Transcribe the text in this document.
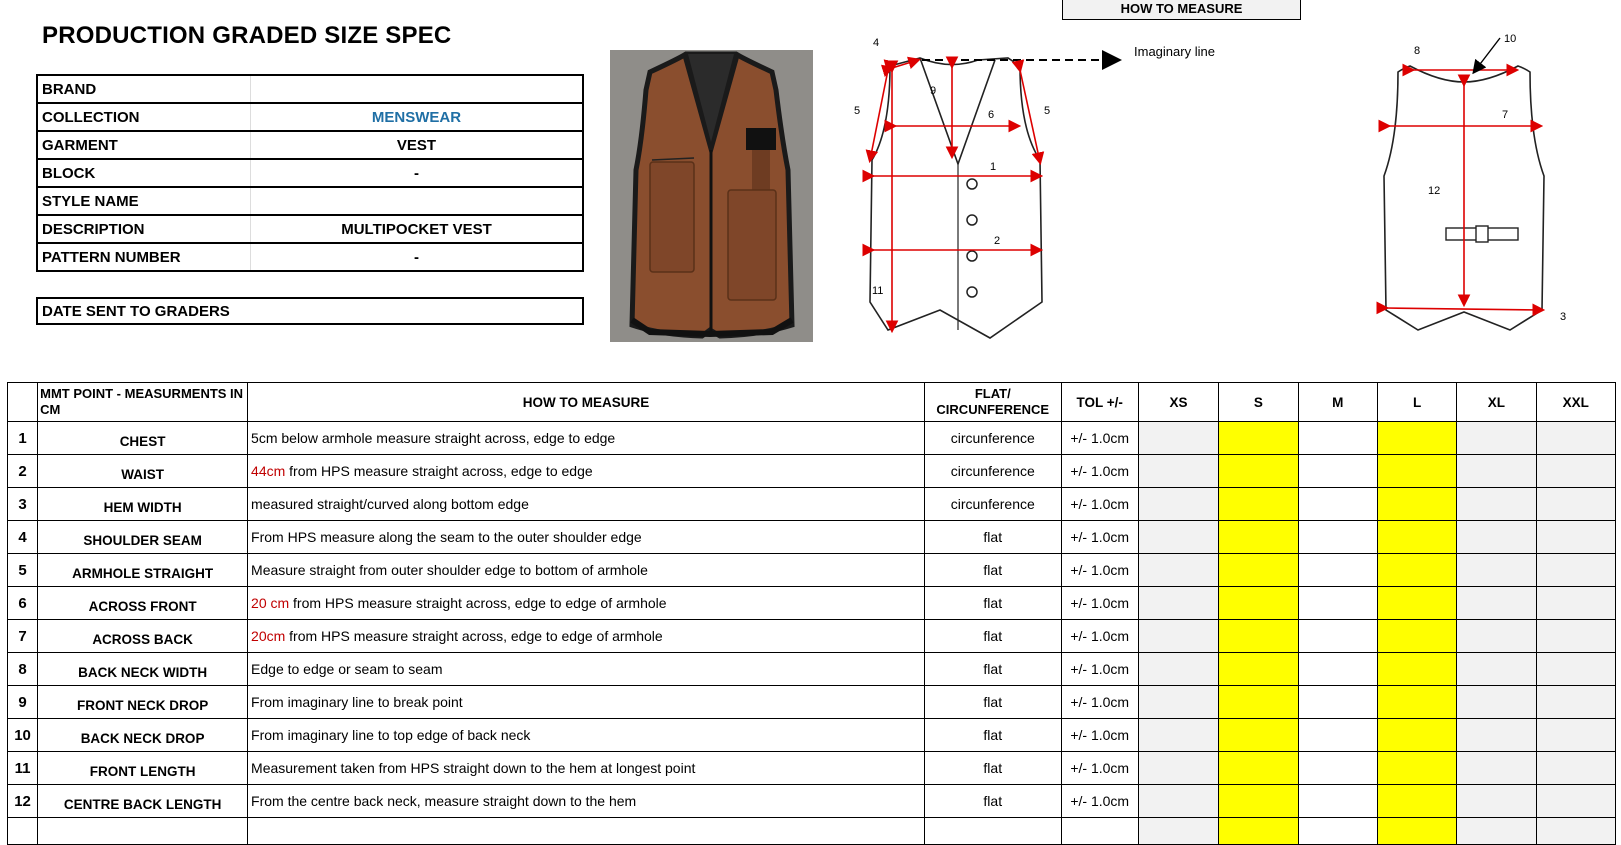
PRODUCTION GRADED SIZE SPEC
HOW TO MEASURE
BRAND	
COLLECTION	MENSWEAR
GARMENT	VEST
BLOCK	-
STYLE NAME	
DESCRIPTION	MULTIPOCKET VEST
PATTERN NUMBER	-
DATE SENT TO GRADERS	
Imaginary line
4
5	5
9
6
1
2
11
8
10
7
12
3
	MMT POINT - MEASURMENTS IN CM	HOW TO MEASURE	FLAT/ CIRCUNFERENCE	TOL +/-	XS	S	M	L	XL	XXL
1	CHEST	5cm below armhole measure straight across, edge to edge	circunference	+/- 1.0cm						
2	WAIST	44cm from HPS measure straight across, edge to edge	circunference	+/- 1.0cm						
3	HEM WIDTH	measured straight/curved along bottom edge	circunference	+/- 1.0cm						
4	SHOULDER SEAM	From HPS measure along the seam to the outer shoulder edge	flat	+/- 1.0cm						
5	ARMHOLE STRAIGHT	Measure straight from outer shoulder edge to bottom of armhole	flat	+/- 1.0cm						
6	ACROSS FRONT	20 cm from HPS measure straight across, edge to edge of armhole	flat	+/- 1.0cm						
7	ACROSS BACK	20cm from HPS measure straight across, edge to edge of armhole	flat	+/- 1.0cm						
8	BACK NECK WIDTH	Edge to edge or seam to seam	flat	+/- 1.0cm						
9	FRONT NECK DROP	From imaginary line to break point	flat	+/- 1.0cm						
10	BACK NECK DROP	From imaginary line to top edge of back neck	flat	+/- 1.0cm						
11	FRONT LENGTH	Measurement taken from HPS straight down to the hem at longest point	flat	+/- 1.0cm						
12	CENTRE BACK LENGTH	From the centre back neck, measure straight down to the hem	flat	+/- 1.0cm						
